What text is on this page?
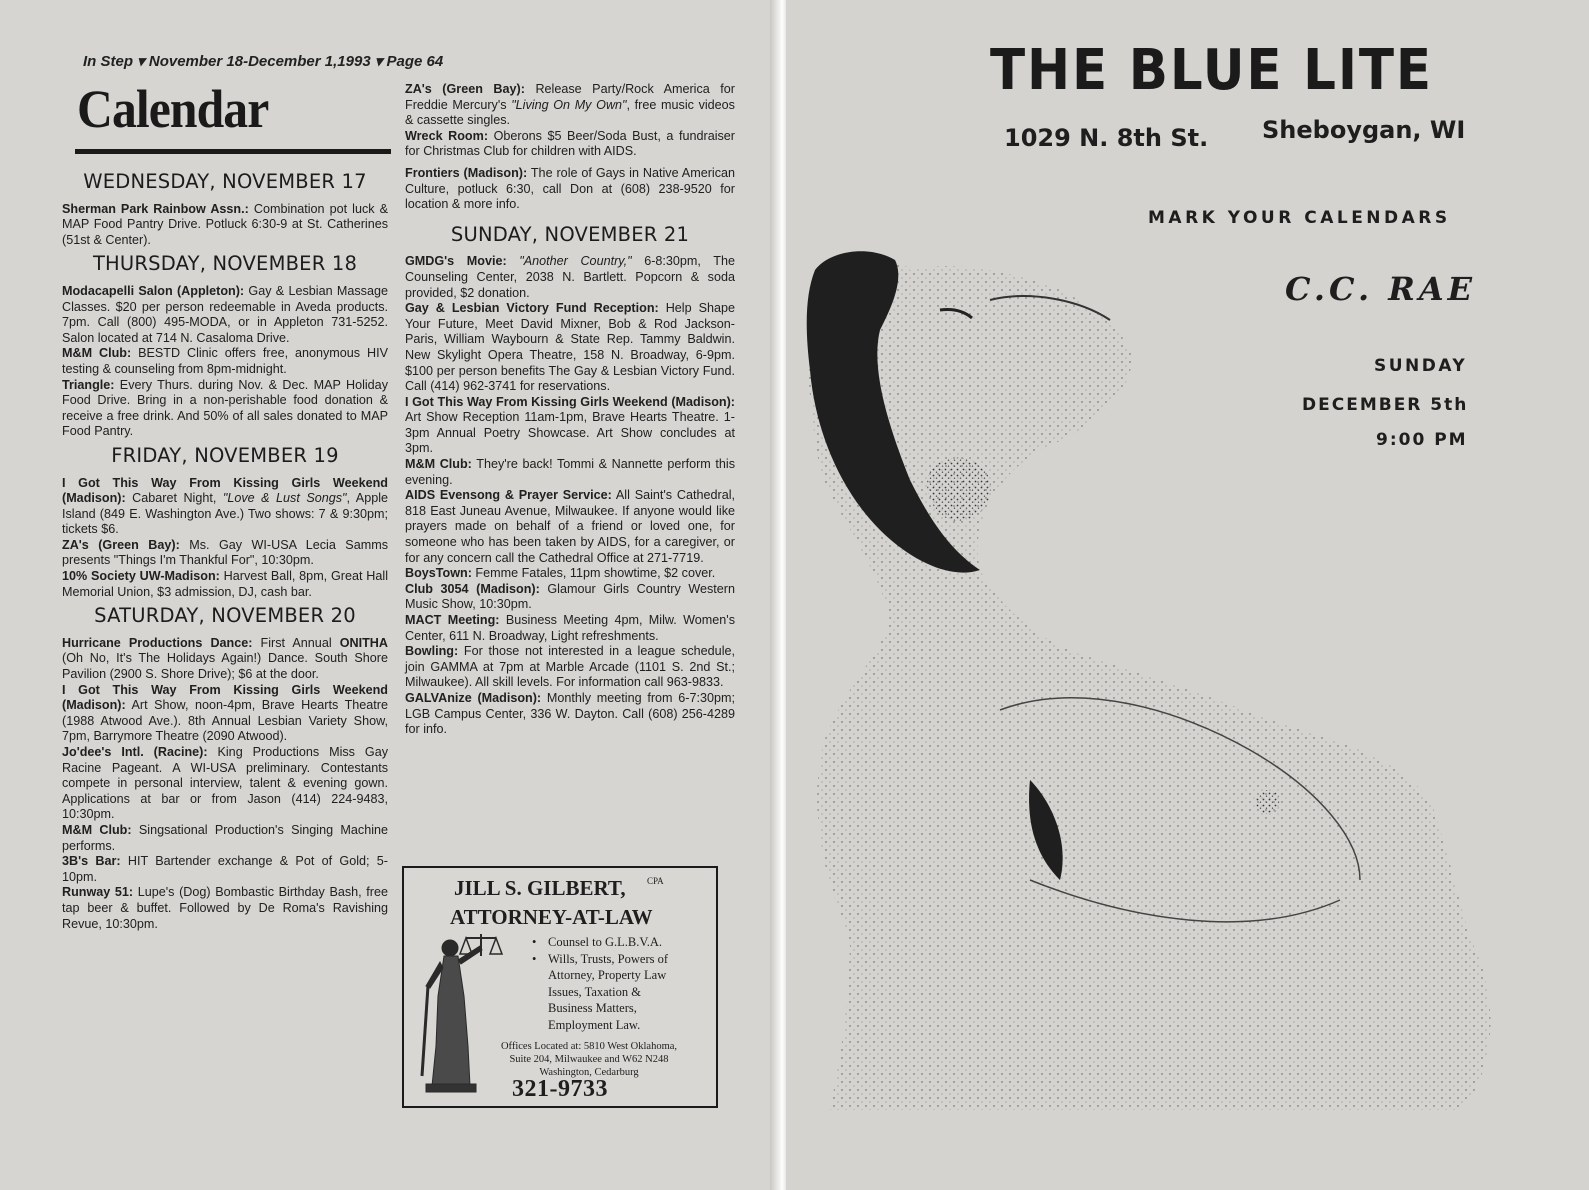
In Step ▾ November 18-December 1,1993 ▾ Page 64
Calendar
WEDNESDAY, NOVEMBER 17

Sherman Park Rainbow Assn.: Combination pot luck & MAP Food Pantry Drive. Potluck 6:30-9 at St. Catherines (51st & Center).

THURSDAY, NOVEMBER 18

Modacapelli Salon (Appleton): Gay & Lesbian Massage Classes. $20 per person redeemable in Aveda products. 7pm. Call (800) 495-MODA, or in Appleton 731-5252. Salon located at 714 N. Casaloma Drive.

M&M Club: BESTD Clinic offers free, anonymous HIV testing & counseling from 8pm-midnight.

Triangle: Every Thurs. during Nov. & Dec. MAP Holiday Food Drive. Bring in a non-perishable food donation & receive a free drink. And 50% of all sales donated to MAP Food Pantry.

FRIDAY, NOVEMBER 19

I Got This Way From Kissing Girls Weekend (Madison): Cabaret Night, "Love & Lust Songs", Apple Island (849 E. Washington Ave.) Two shows: 7 & 9:30pm; tickets $6.

ZA's (Green Bay): Ms. Gay WI-USA Lecia Samms presents "Things I'm Thankful For", 10:30pm.

10% Society UW-Madison: Harvest Ball, 8pm, Great Hall Memorial Union, $3 admission, DJ, cash bar.

SATURDAY, NOVEMBER 20

Hurricane Productions Dance: First Annual ONITHA (Oh No, It's The Holidays Again!) Dance. South Shore Pavilion (2900 S. Shore Drive); $6 at the door.

I Got This Way From Kissing Girls Weekend (Madison): Art Show, noon-4pm, Brave Hearts Theatre (1988 Atwood Ave.). 8th Annual Lesbian Variety Show, 7pm, Barrymore Theatre (2090 Atwood).

Jo'dee's Intl. (Racine): King Productions Miss Gay Racine Pageant. A WI-USA preliminary. Contestants compete in personal interview, talent & evening gown. Applications at bar or from Jason (414) 224-9483, 10:30pm.

M&M Club: Singsational Production's Singing Machine performs.

3B's Bar: HIT Bartender exchange & Pot of Gold; 5-10pm.

Runway 51: Lupe's (Dog) Bombastic Birthday Bash, free tap beer & buffet. Followed by De Roma's Ravishing Revue, 10:30pm.

ZA's (Green Bay): Release Party/Rock America for Freddie Mercury's "Living On My Own", free music videos & cassette singles.

Wreck Room: Oberons $5 Beer/Soda Bust, a fundraiser for Christmas Club for children with AIDS.

Frontiers (Madison): The role of Gays in Native American Culture, potluck 6:30, call Don at (608) 238-9520 for location & more info.

SUNDAY, NOVEMBER 21

GMDG's Movie: "Another Country," 6-8:30pm, The Counseling Center, 2038 N. Bartlett. Popcorn & soda provided, $2 donation.

Gay & Lesbian Victory Fund Reception: Help Shape Your Future, Meet David Mixner, Bob & Rod Jackson-Paris, William Waybourn & State Rep. Tammy Baldwin. New Skylight Opera Theatre, 158 N. Broadway, 6-9pm. $100 per person benefits The Gay & Lesbian Victory Fund. Call (414) 962-3741 for reservations.

I Got This Way From Kissing Girls Weekend (Madison): Art Show Reception 11am-1pm, Brave Hearts Theatre. 1-3pm Annual Poetry Showcase. Art Show concludes at 3pm.

M&M Club: They're back! Tommi & Nannette perform this evening.

AIDS Evensong & Prayer Service: All Saint's Cathedral, 818 East Juneau Avenue, Milwaukee. If anyone would like prayers made on behalf of a friend or loved one, for someone who has been taken by AIDS, for a caregiver, or for any concern call the Cathedral Office at 271-7719.

BoysTown: Femme Fatales, 11pm showtime, $2 cover.

Club 3054 (Madison): Glamour Girls Country Western Music Show, 10:30pm.

MACT Meeting: Business Meeting 4pm, Milw. Women's Center, 611 N. Broadway, Light refreshments.

Bowling: For those not interested in a league schedule, join GAMMA at 7pm at Marble Arcade (1101 S. 2nd St.; Milwaukee). All skill levels. For information call 963-9833.

GALVAnize (Madison): Monthly meeting from 6-7:30pm; LGB Campus Center, 336 W. Dayton. Call (608) 256-4289 for info.

JILL S. GILBERT, CPA
ATTORNEY-AT-LAW
• Counsel to G.L.B.V.A.
• Wills, Trusts, Powers of
Attorney, Property Law
Issues, Taxation &
Business Matters,
Employment Law.
Offices Located at: 5810 West Oklahoma,
Suite 204, Milwaukee and W62 N248
Washington, Cedarburg
321-9733
THE BLUE LITE
1029 N. 8th St. Sheboygan, WI
MARK YOUR CALENDARS
C.C. RAE
SUNDAY
DECEMBER 5th
9:00 PM
